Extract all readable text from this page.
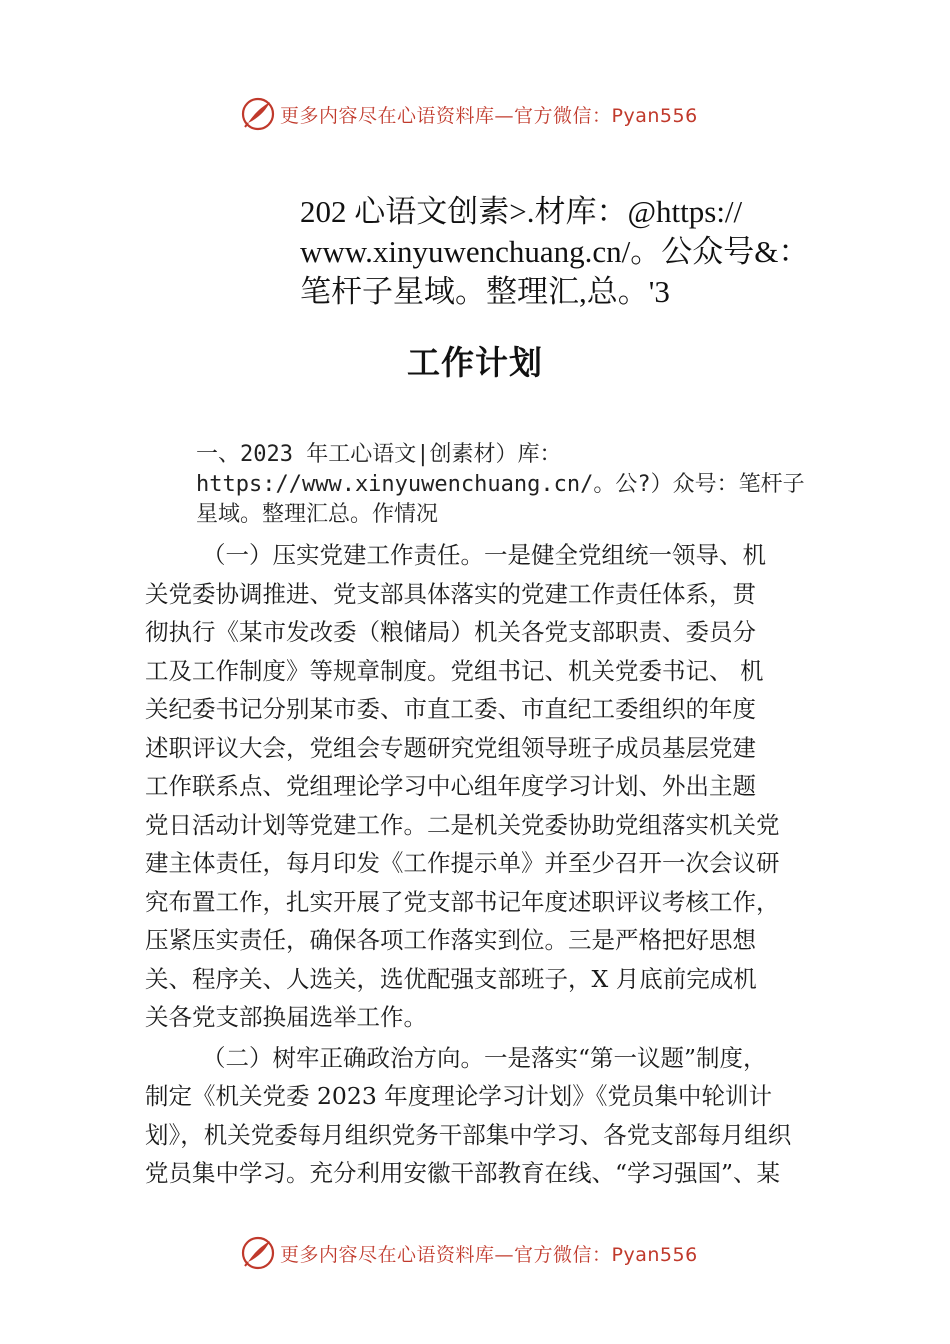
更多内容尽在心语资料库—官方微信：Pyan556
202 心语文创素>.材库：@https://
www.xinyuwenchuang.cn/。公众号&：
笔杆子星域。整理汇,总。'3
工作计划
一、2023 年工心语文|创素材）库：
https://www.xinyuwenchuang.cn/。公?）众号：笔杆子
星域。整理汇总。作情况
（一）压实党建工作责任。一是健全党组统一领导、机
关党委协调推进、党支部具体落实的党建工作责任体系，贯
彻执行《某市发改委（粮储局）机关各党支部职责、委员分
工及工作制度》等规章制度。党组书记、机关党委书记、 机
关纪委书记分别某市委、市直工委、市直纪工委组织的年度
述职评议大会，党组会专题研究党组领导班子成员基层党建
工作联系点、党组理论学习中心组年度学习计划、外出主题
党日活动计划等党建工作。二是机关党委协助党组落实机关党
建主体责任，每月印发《工作提示单》并至少召开一次会议研
究布置工作，扎实开展了党支部书记年度述职评议考核工作，
压紧压实责任，确保各项工作落实到位。三是严格把好思想
关、程序关、人选关，选优配强支部班子，X 月底前完成机
关各党支部换届选举工作。
（二）树牢正确政治方向。一是落实“第一议题”制度，
制定《机关党委 2023 年度理论学习计划》《党员集中轮训计
划》，机关党委每月组织党务干部集中学习、各党支部每月组织
党员集中学习。充分利用安徽干部教育在线、“学习强国”、某
更多内容尽在心语资料库—官方微信：Pyan556
